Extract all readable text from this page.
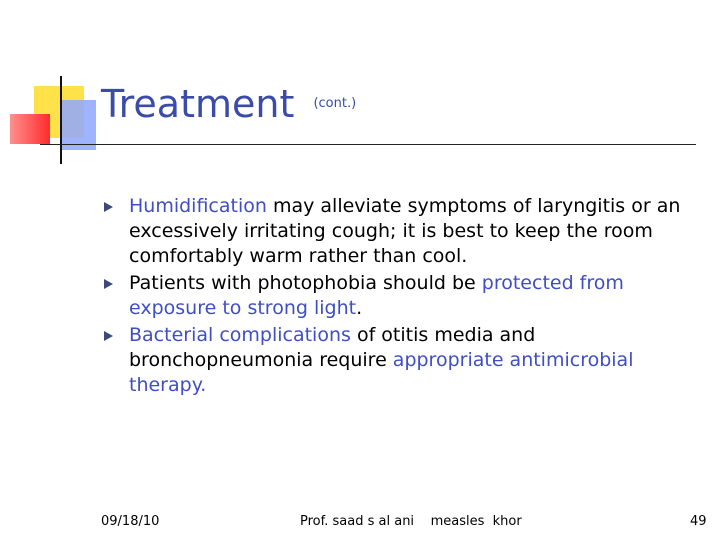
Treatment $^{(cont.)}$
Humidification may alleviate symptoms of laryngitis or an excessively irritating cough; it is best to keep the room comfortably warm rather than cool.
Patients with photophobia should be protected from exposure to strong light.
Bacterial complications of otitis media and bronchopneumonia require appropriate antimicrobial therapy.
09/18/10	Prof. saad s al ani    measles  khor	49
